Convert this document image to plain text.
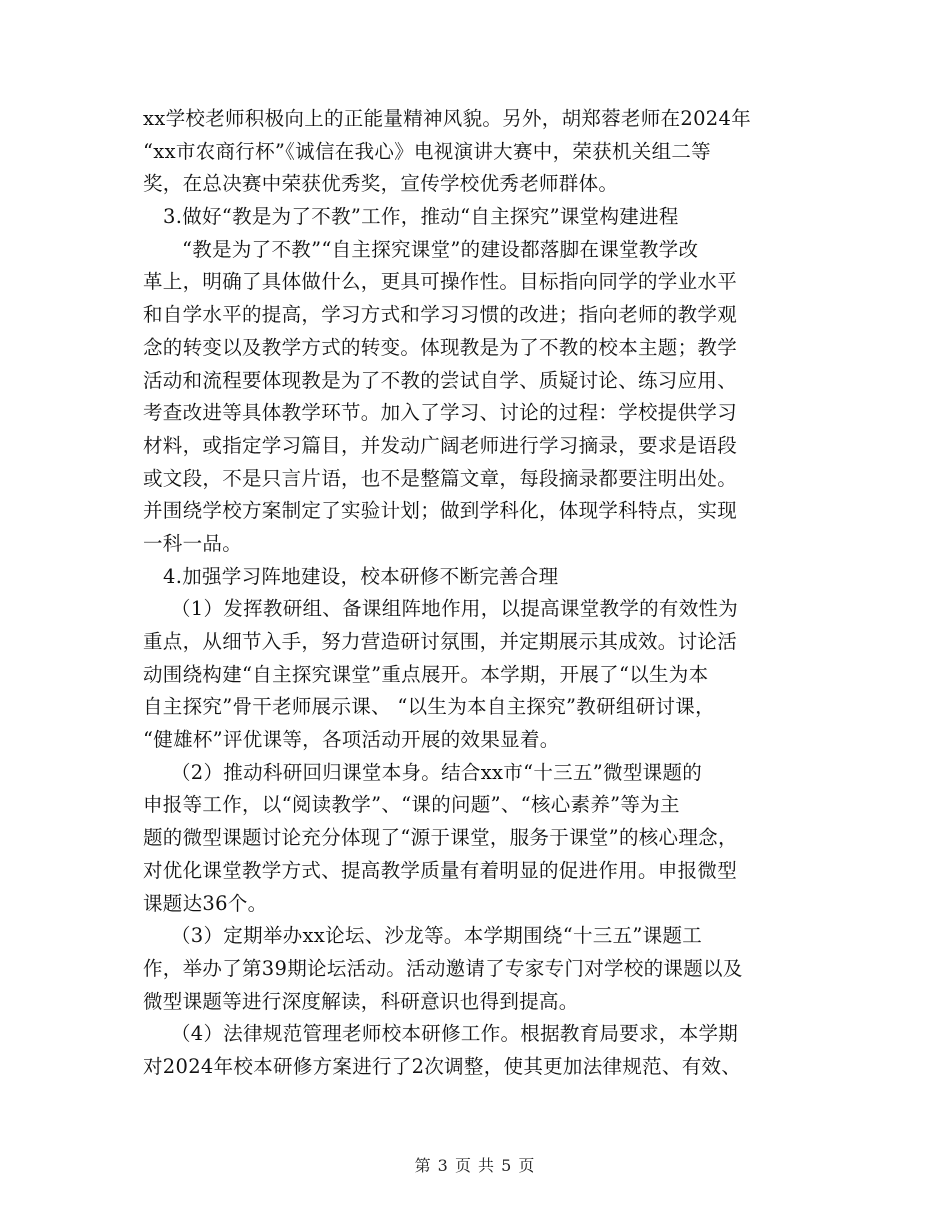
xx学校老师积极向上的正能量精神风貌。另外，胡郑蓉老师在2024年
“xx市农商行杯”《诚信在我心》电视演讲大赛中，荣获机关组二等
奖，在总决赛中荣获优秀奖，宣传学校优秀老师群体。
3.做好“教是为了不教”工作，推动“自主探究”课堂构建进程
“教是为了不教”“自主探究课堂”的建设都落脚在课堂教学改
革上，明确了具体做什么，更具可操作性。目标指向同学的学业水平
和自学水平的提高，学习方式和学习习惯的改进；指向老师的教学观
念的转变以及教学方式的转变。体现教是为了不教的校本主题；教学
活动和流程要体现教是为了不教的尝试自学、质疑讨论、练习应用、
考查改进等具体教学环节。加入了学习、讨论的过程：学校提供学习
材料，或指定学习篇目，并发动广阔老师进行学习摘录，要求是语段
或文段，不是只言片语，也不是整篇文章，每段摘录都要注明出处。
并围绕学校方案制定了实验计划；做到学科化，体现学科特点，实现
一科一品。
4.加强学习阵地建设，校本研修不断完善合理
（1）发挥教研组、备课组阵地作用，以提高课堂教学的有效性为
重点，从细节入手，努力营造研讨氛围，并定期展示其成效。讨论活
动围绕构建“自主探究课堂”重点展开。本学期，开展了“以生为本
自主探究”骨干老师展示课、 “以生为本自主探究”教研组研讨课，
“健雄杯”评优课等，各项活动开展的效果显着。
（2）推动科研回归课堂本身。结合xx市“十三五”微型课题的
申报等工作，以“阅读教学”、“课的问题”、“核心素养”等为主
题的微型课题讨论充分体现了“源于课堂，服务于课堂”的核心理念，
对优化课堂教学方式、提高教学质量有着明显的促进作用。申报微型
课题达36个。
（3）定期举办xx论坛、沙龙等。本学期围绕“十三五”课题工
作，举办了第39期论坛活动。活动邀请了专家专门对学校的课题以及
微型课题等进行深度解读，科研意识也得到提高。
（4）法律规范管理老师校本研修工作。根据教育局要求，本学期
对2024年校本研修方案进行了2次调整，使其更加法律规范、有效、
第 3 页 共 5 页
